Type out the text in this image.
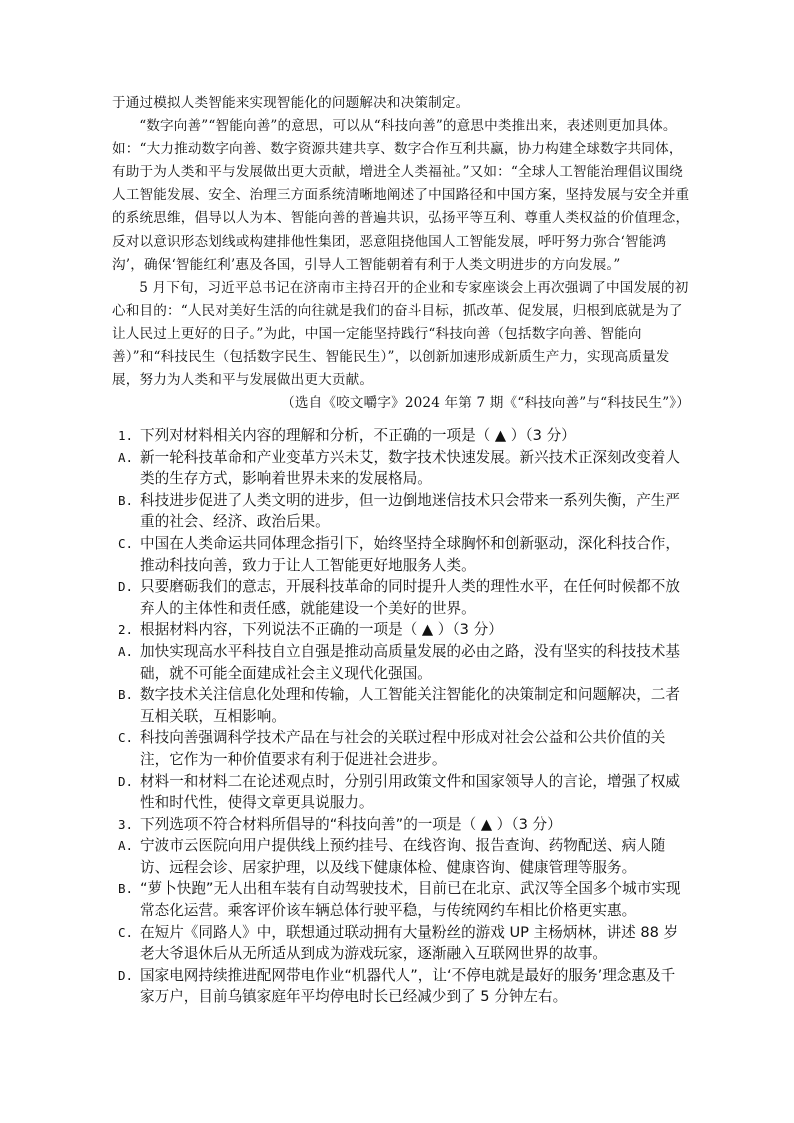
于通过模拟人类智能来实现智能化的问题解决和决策制定。

“数字向善”“智能向善”的意思，可以从“科技向善”的意思中类推出来，表述则更加具体。如：“大力推动数字向善、数字资源共建共享、数字合作互利共赢，协力构建全球数字共同体，有助于为人类和平与发展做出更大贡献，增进全人类福祉。”又如：“全球人工智能治理倡议围绕人工智能发展、安全、治理三方面系统清晰地阐述了中国路径和中国方案，坚持发展与安全并重的系统思维，倡导以人为本、智能向善的普遍共识，弘扬平等互利、尊重人类权益的价值理念，反对以意识形态划线或构建排他性集团，恶意阻挠他国人工智能发展，呼吁努力弥合‘智能鸿沟’，确保‘智能红利’惠及各国，引导人工智能朝着有利于人类文明进步的方向发展。”

5 月下旬，习近平总书记在济南市主持召开的企业和专家座谈会上再次强调了中国发展的初心和目的：“人民对美好生活的向往就是我们的奋斗目标，抓改革、促发展，归根到底就是为了让人民过上更好的日子。”为此，中国一定能坚持践行“科技向善（包括数字向善、智能向善）”和“科技民生（包括数字民生、智能民生）”，以创新加速形成新质生产力，实现高质量发展，努力为人类和平与发展做出更大贡献。

（选自《咬文嚼字》2024 年第 7 期《“科技向善”与“科技民生”》）

1. 下列对材料相关内容的理解和分析，不正确的一项是（ ▲ ）（3 分）
A. 新一轮科技革命和产业变革方兴未艾，数字技术快速发展。新兴技术正深刻改变着人类的生存方式，影响着世界未来的发展格局。
B. 科技进步促进了人类文明的进步，但一边倒地迷信技术只会带来一系列失衡，产生严重的社会、经济、政治后果。
C. 中国在人类命运共同体理念指引下，始终坚持全球胸怀和创新驱动，深化科技合作，推动科技向善，致力于让人工智能更好地服务人类。
D. 只要磨砺我们的意志，开展科技革命的同时提升人类的理性水平，在任何时候都不放弃人的主体性和责任感，就能建设一个美好的世界。
2. 根据材料内容，下列说法不正确的一项是（ ▲ ）（3 分）
A. 加快实现高水平科技自立自强是推动高质量发展的必由之路，没有坚实的科技技术基础，就不可能全面建成社会主义现代化强国。
B. 数字技术关注信息化处理和传输，人工智能关注智能化的决策制定和问题解决，二者互相关联，互相影响。
C. 科技向善强调科学技术产品在与社会的关联过程中形成对社会公益和公共价值的关注，它作为一种价值要求有利于促进社会进步。
D. 材料一和材料二在论述观点时，分别引用政策文件和国家领导人的言论，增强了权威性和时代性，使得文章更具说服力。
3. 下列选项不符合材料所倡导的“科技向善”的一项是（ ▲ ）（3 分）
A. 宁波市云医院向用户提供线上预约挂号、在线咨询、报告查询、药物配送、病人随访、远程会诊、居家护理，以及线下健康体检、健康咨询、健康管理等服务。
B. “萝卜快跑”无人出租车装有自动驾驶技术，目前已在北京、武汉等全国多个城市实现常态化运营。乘客评价该车辆总体行驶平稳，与传统网约车相比价格更实惠。
C. 在短片《同路人》中，联想通过联动拥有大量粉丝的游戏 UP 主杨炳林，讲述 88 岁老大爷退休后从无所适从到成为游戏玩家，逐渐融入互联网世界的故事。
D. 国家电网持续推进配网带电作业“机器代人”，让‘不停电就是最好的服务’理念惠及千家万户，目前乌镇家庭年平均停电时长已经减少到了 5 分钟左右。
